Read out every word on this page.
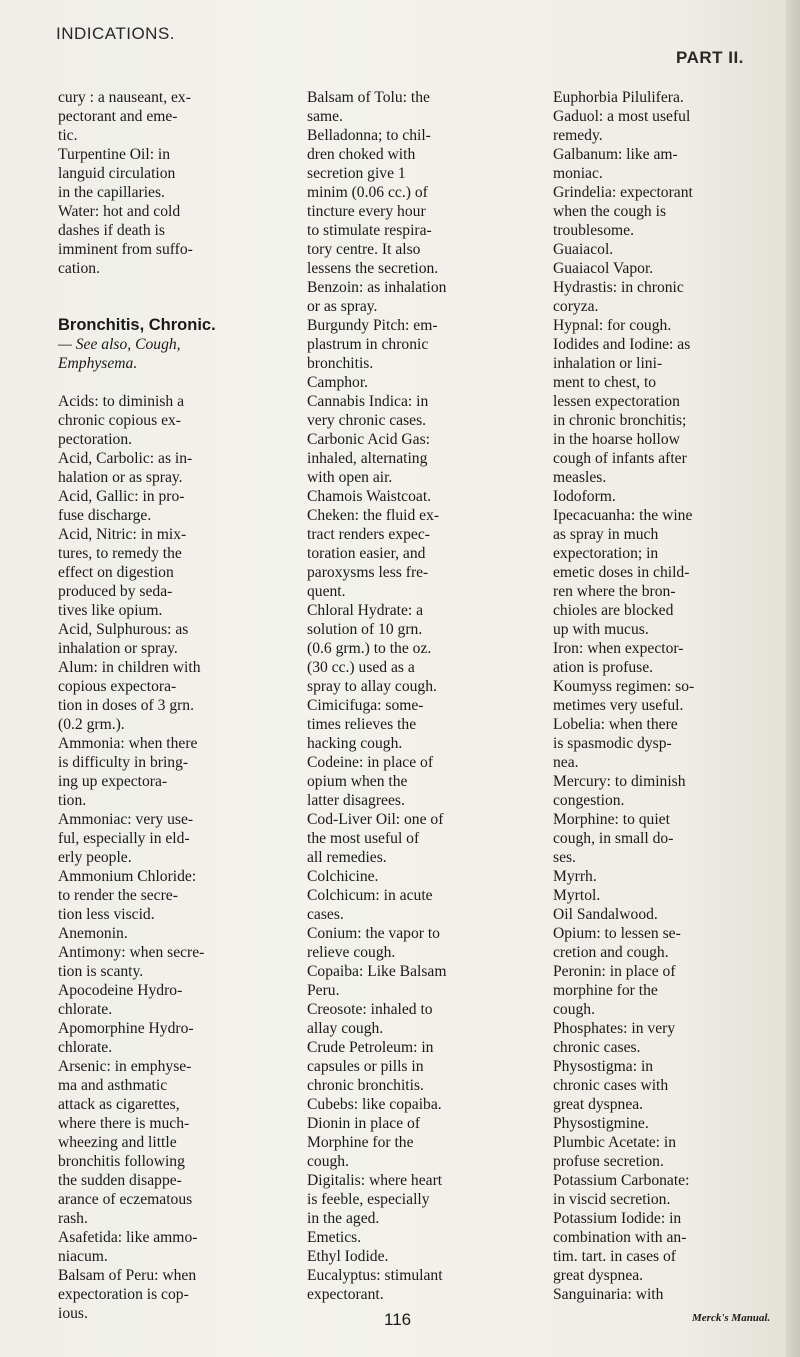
INDICATIONS.
PART II.
cury : a nauseant, ex-
pectorant and eme-
tic.
Turpentine Oil: in
languid circulation
in the capillaries.
Water: hot and cold
dashes if death is
imminent from suffo-
cation.

Bronchitis, Chronic.
— See also, Cough,
Emphysema.

Acids: to diminish a
chronic copious ex-
pectoration.
Acid, Carbolic: as in-
halation or as spray.
Acid, Gallic: in pro-
fuse discharge.
Acid, Nitric: in mix-
tures, to remedy the
effect on digestion
produced by seda-
tives like opium.
Acid, Sulphurous: as
inhalation or spray.
Alum: in children with
copious expectora-
tion in doses of 3 grn.
(0.2 grm.).
Ammonia: when there
is difficulty in bring-
ing up expectora-
tion.
Ammoniac: very use-
ful, especially in eld-
erly people.
Ammonium Chloride:
to render the secre-
tion less viscid.
Anemonin.
Antimony: when secre-
tion is scanty.
Apocodeine Hydro-
chlorate.
Apomorphine Hydro-
chlorate.
Arsenic: in emphyse-
ma and asthmatic
attack as cigarettes,
where there is much-
wheezing and little
bronchitis following
the sudden disappe-
arance of eczematous
rash.
Asafetida: like ammo-
niacum.
Balsam of Peru: when
expectoration is cop-
ious.
Balsam of Tolu: the
same.
Belladonna; to chil-
dren choked with
secretion give 1
minim (0.06 cc.) of
tincture every hour
to stimulate respira-
tory centre. It also
lessens the secretion.
Benzoin: as inhalation
or as spray.
Burgundy Pitch: em-
plastrum in chronic
bronchitis.
Camphor.
Cannabis Indica: in
very chronic cases.
Carbonic Acid Gas:
inhaled, alternating
with open air.
Chamois Waistcoat.
Cheken: the fluid ex-
tract renders expec-
toration easier, and
paroxysms less fre-
quent.
Chloral Hydrate: a
solution of 10 grn.
(0.6 grm.) to the oz.
(30 cc.) used as a
spray to allay cough.
Cimicifuga: some-
times relieves the
hacking cough.
Codeine: in place of
opium when the
latter disagrees.
Cod-Liver Oil: one of
the most useful of
all remedies.
Colchicine.
Colchicum: in acute
cases.
Conium: the vapor to
relieve cough.
Copaiba: Like Balsam
Peru.
Creosote: inhaled to
allay cough.
Crude Petroleum: in
capsules or pills in
chronic bronchitis.
Cubebs: like copaiba.
Dionin in place of
Morphine for the
cough.
Digitalis: where heart
is feeble, especially
in the aged.
Emetics.
Ethyl Iodide.
Eucalyptus: stimulant
expectorant.
Euphorbia Pilulifera.
Gaduol: a most useful
remedy.
Galbanum: like am-
moniac.
Grindelia: expectorant
when the cough is
troublesome.
Guaiacol.
Guaiacol Vapor.
Hydrastis: in chronic
coryza.
Hypnal: for cough.
Iodides and Iodine: as
inhalation or lini-
ment to chest, to
lessen expectoration
in chronic bronchitis;
in the hoarse hollow
cough of infants after
measles.
Iodoform.
Ipecacuanha: the wine
as spray in much
expectoration; in
emetic doses in child-
ren where the bron-
chioles are blocked
up with mucus.
Iron: when expector-
ation is profuse.
Koumyss regimen: so-
metimes very useful.
Lobelia: when there
is spasmodic dysp-
nea.
Mercury: to diminish
congestion.
Morphine: to quiet
cough, in small do-
ses.
Myrrh.
Myrtol.
Oil Sandalwood.
Opium: to lessen se-
cretion and cough.
Peronin: in place of
morphine for the
cough.
Phosphates: in very
chronic cases.
Physostigma: in
chronic cases with
great dyspnea.
Physostigmine.
Plumbic Acetate: in
profuse secretion.
Potassium Carbonate:
in viscid secretion.
Potassium Iodide: in
combination with an-
tim. tart. in cases of
great dyspnea.
Sanguinaria: with
116	Merck's Manual.
